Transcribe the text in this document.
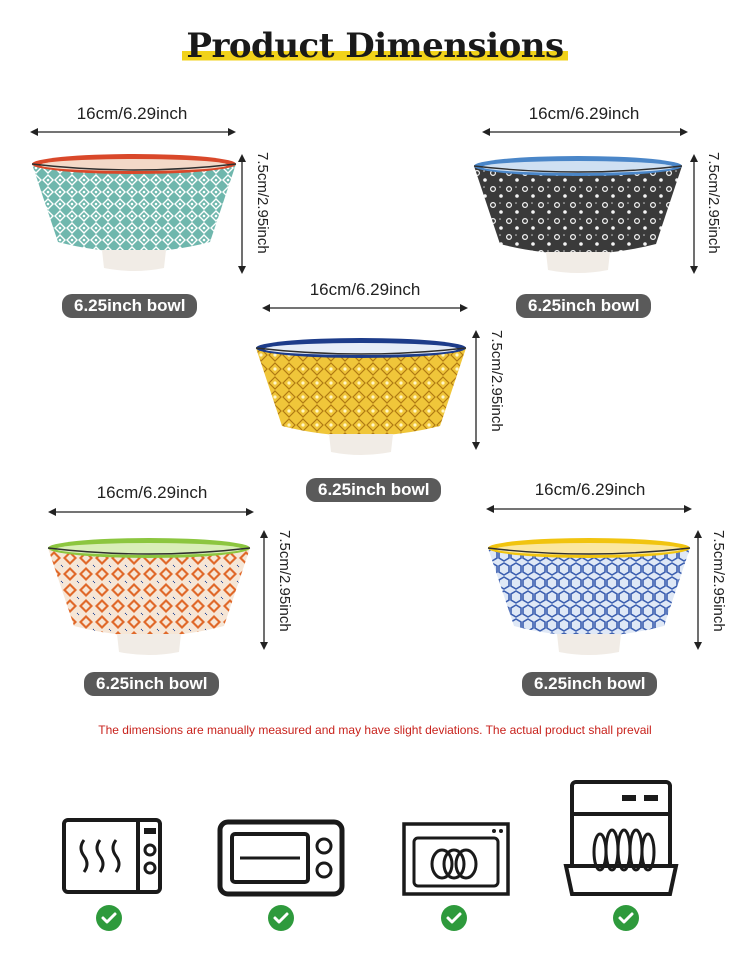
Product Dimensions
16cm/6.29inch
7.5cm/2.95inch
6.25inch bowl
16cm/6.29inch
7.5cm/2.95inch
6.25inch bowl
16cm/6.29inch
7.5cm/2.95inch
6.25inch bowl
16cm/6.29inch
7.5cm/2.95inch
6.25inch bowl
16cm/6.29inch
7.5cm/2.95inch
6.25inch bowl
The dimensions are manually measured and may have slight deviations. The actual product shall prevail
